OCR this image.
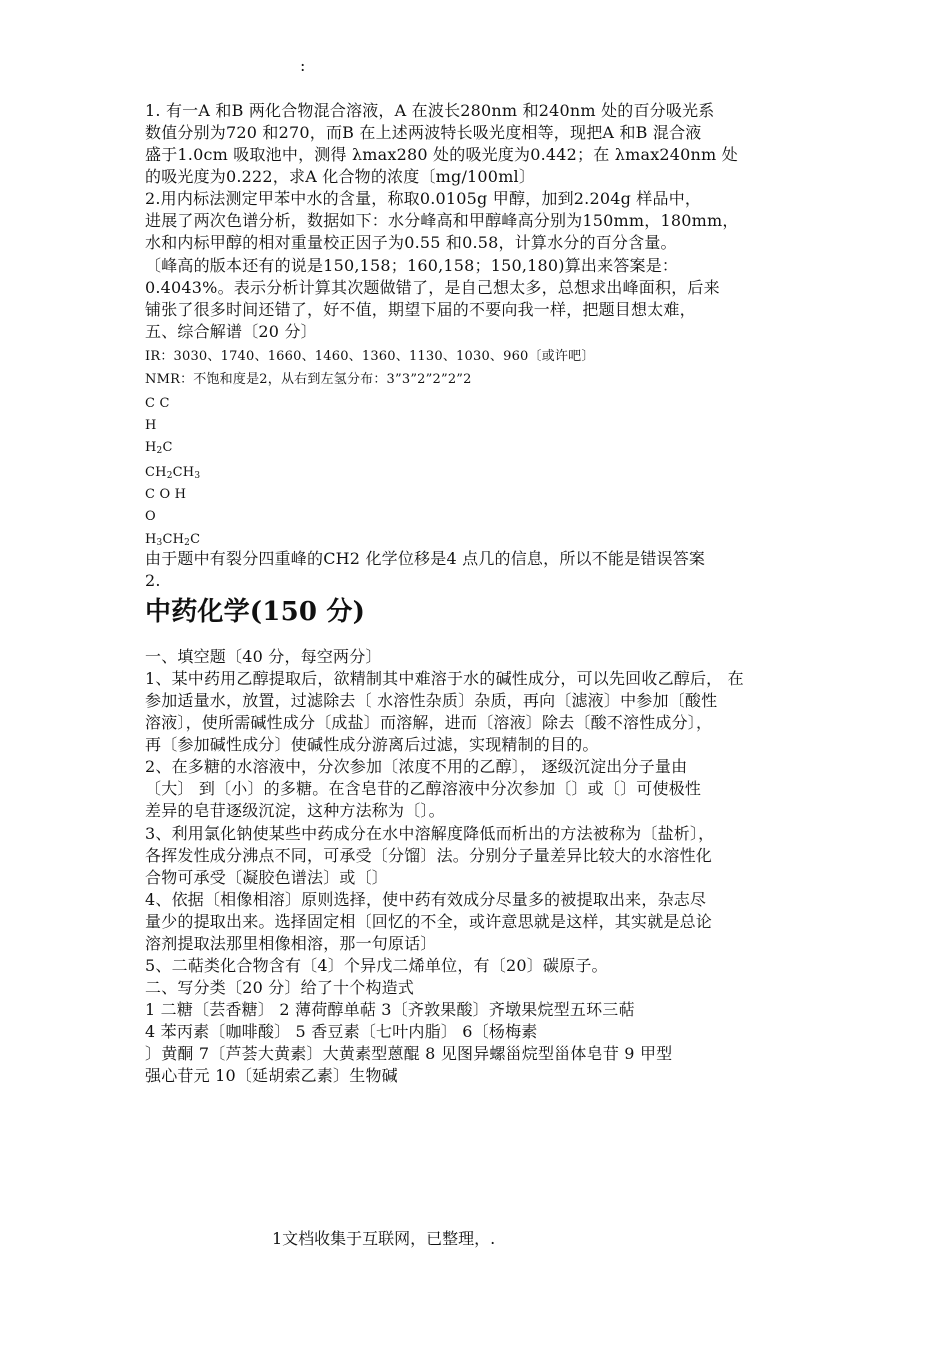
:
1. 有一A 和B 两化合物混合溶液，A 在波长280nm 和240nm 处的百分吸光系
数值分别为720 和270，而B 在上述两波特长吸光度相等，现把A 和B 混合液
盛于1.0cm 吸取池中，测得 λmax280 处的吸光度为0.442；在 λmax240nm 处
的吸光度为0.222，求A 化合物的浓度〔mg/100ml〕
2.用内标法测定甲苯中水的含量，称取0.0105g 甲醇，加到2.204g 样品中，
进展了两次色谱分析，数据如下：水分峰高和甲醇峰高分别为150mm，180mm，
水和内标甲醇的相对重量校正因子为0.55 和0.58，计算水分的百分含量。
〔峰高的版本还有的说是150,158；160,158；150,180)算出来答案是：
0.4043%。表示分析计算其次题做错了，是自己想太多，总想求出峰面积，后来
铺张了很多时间还错了，好不值，期望下届的不要向我一样，把题目想太难，
五、综合解谱〔20 分〕
IR：3030、1740、1660、1460、1360、1130、1030、960〔或许吧〕
NMR：不饱和度是2，从右到左氢分布：3”3”2”2”2”2
C C
H
$H_2C$
$CH_2CH_3$
C O H
O
$H_3CH_2C$
由于题中有裂分四重峰的CH2 化学位移是4 点几的信息，所以不能是错误答案
2.
中药化学(150 分)
一、填空题〔40 分，每空两分〕
1、某中药用乙醇提取后，欲精制其中难溶于水的碱性成分，可以先回收乙醇后， 在
参加适量水，放置，过滤除去〔 水溶性杂质〕杂质，再向〔滤液〕中参加〔酸性
溶液〕，使所需碱性成分〔成盐〕而溶解，进而〔溶液〕除去〔酸不溶性成分〕，
再〔参加碱性成分〕使碱性成分游离后过滤，实现精制的目的。
2、在多糖的水溶液中，分次参加〔浓度不用的乙醇〕， 逐级沉淀出分子量由
〔大〕 到〔小〕的多糖。在含皂苷的乙醇溶液中分次参加〔〕或〔〕可使极性
差异的皂苷逐级沉淀，这种方法称为〔〕。
3、利用氯化钠使某些中药成分在水中溶解度降低而析出的方法被称为〔盐析〕，
各挥发性成分沸点不同，可承受〔分馏〕法。分别分子量差异比较大的水溶性化
合物可承受〔凝胶色谱法〕或〔〕
4、依据〔相像相溶〕原则选择，使中药有效成分尽量多的被提取出来，杂志尽
量少的提取出来。选择固定相〔回忆的不全，或许意思就是这样，其实就是总论
溶剂提取法那里相像相溶，那一句原话〕
5、二萜类化合物含有〔4〕个异戊二烯单位，有〔20〕碳原子。
二、写分类〔20 分〕给了十个构造式
1 二糖〔芸香糖〕 2 薄荷醇单萜 3〔齐敦果酸〕齐墩果烷型五环三萜
4 苯丙素〔咖啡酸〕 5 香豆素〔七叶内脂〕 6〔杨梅素
〕黄酮 7〔芦荟大黄素〕大黄素型蒽醌 8 见图异螺甾烷型甾体皂苷 9 甲型
强心苷元 10〔延胡索乙素〕生物碱
1文档收集于互联网，已整理，.
